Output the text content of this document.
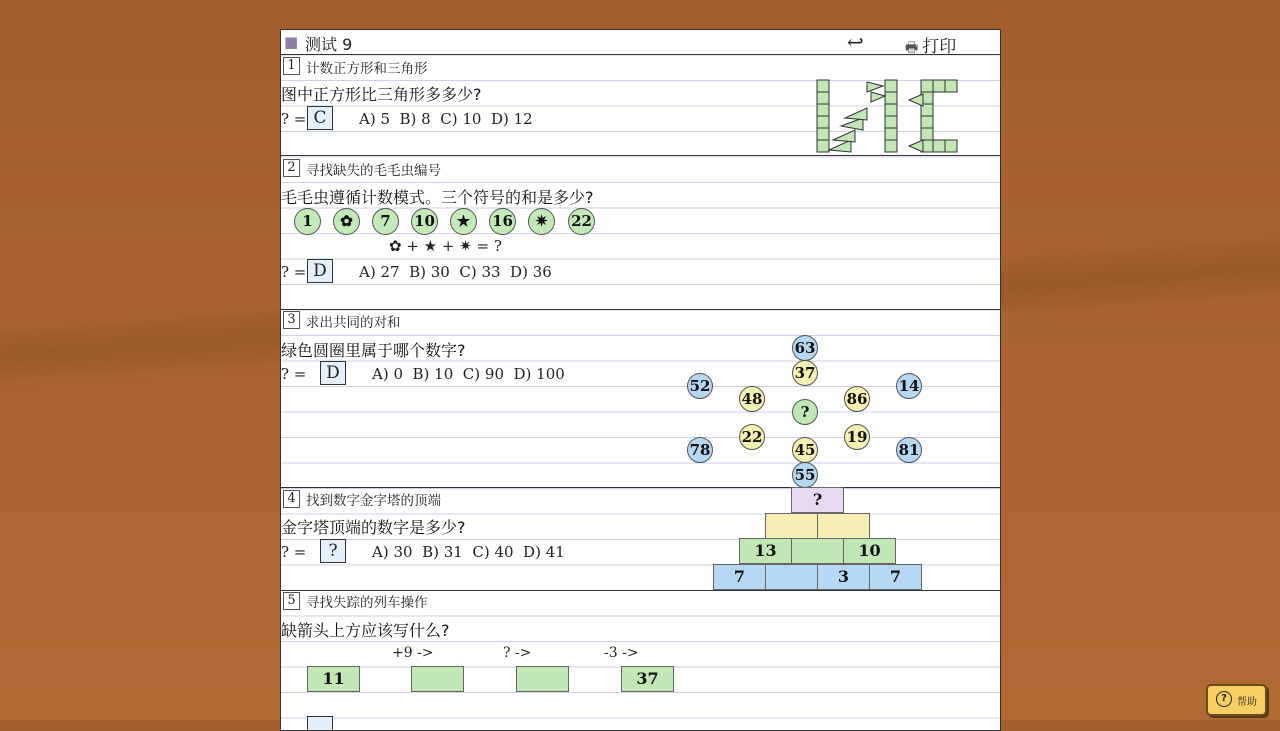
■ 测试 9	↩	🖶 打印
1 计数正方形和三角形
图中正方形比三角形多多少?
? = C	A) 5  B) 8  C) 10  D) 12
2 寻找缺失的毛毛虫编号
毛毛虫遵循计数模式。三个符号的和是多少?
1	✿	7	10	★	16	✷	22
✿ + ★ + ✷ = ?
? = D	A) 27  B) 30  C) 33  D) 36
3 求出共同的对和
绿色圆圈里属于哪个数字?
? =	D	A) 0  B) 10  C) 90  D) 100
63
37
52	14
48	86
?
22	19
78	45	81
55
4 找到数字金字塔的顶端
金字塔顶端的数字是多少?
? =	?	A) 30  B) 31  C) 40  D) 41
?
13	10
7	3	7
5 寻找失踪的列车操作
缺箭头上方应该写什么?
+9 ->	? ->	-3 ->
11	37
?	帮助
